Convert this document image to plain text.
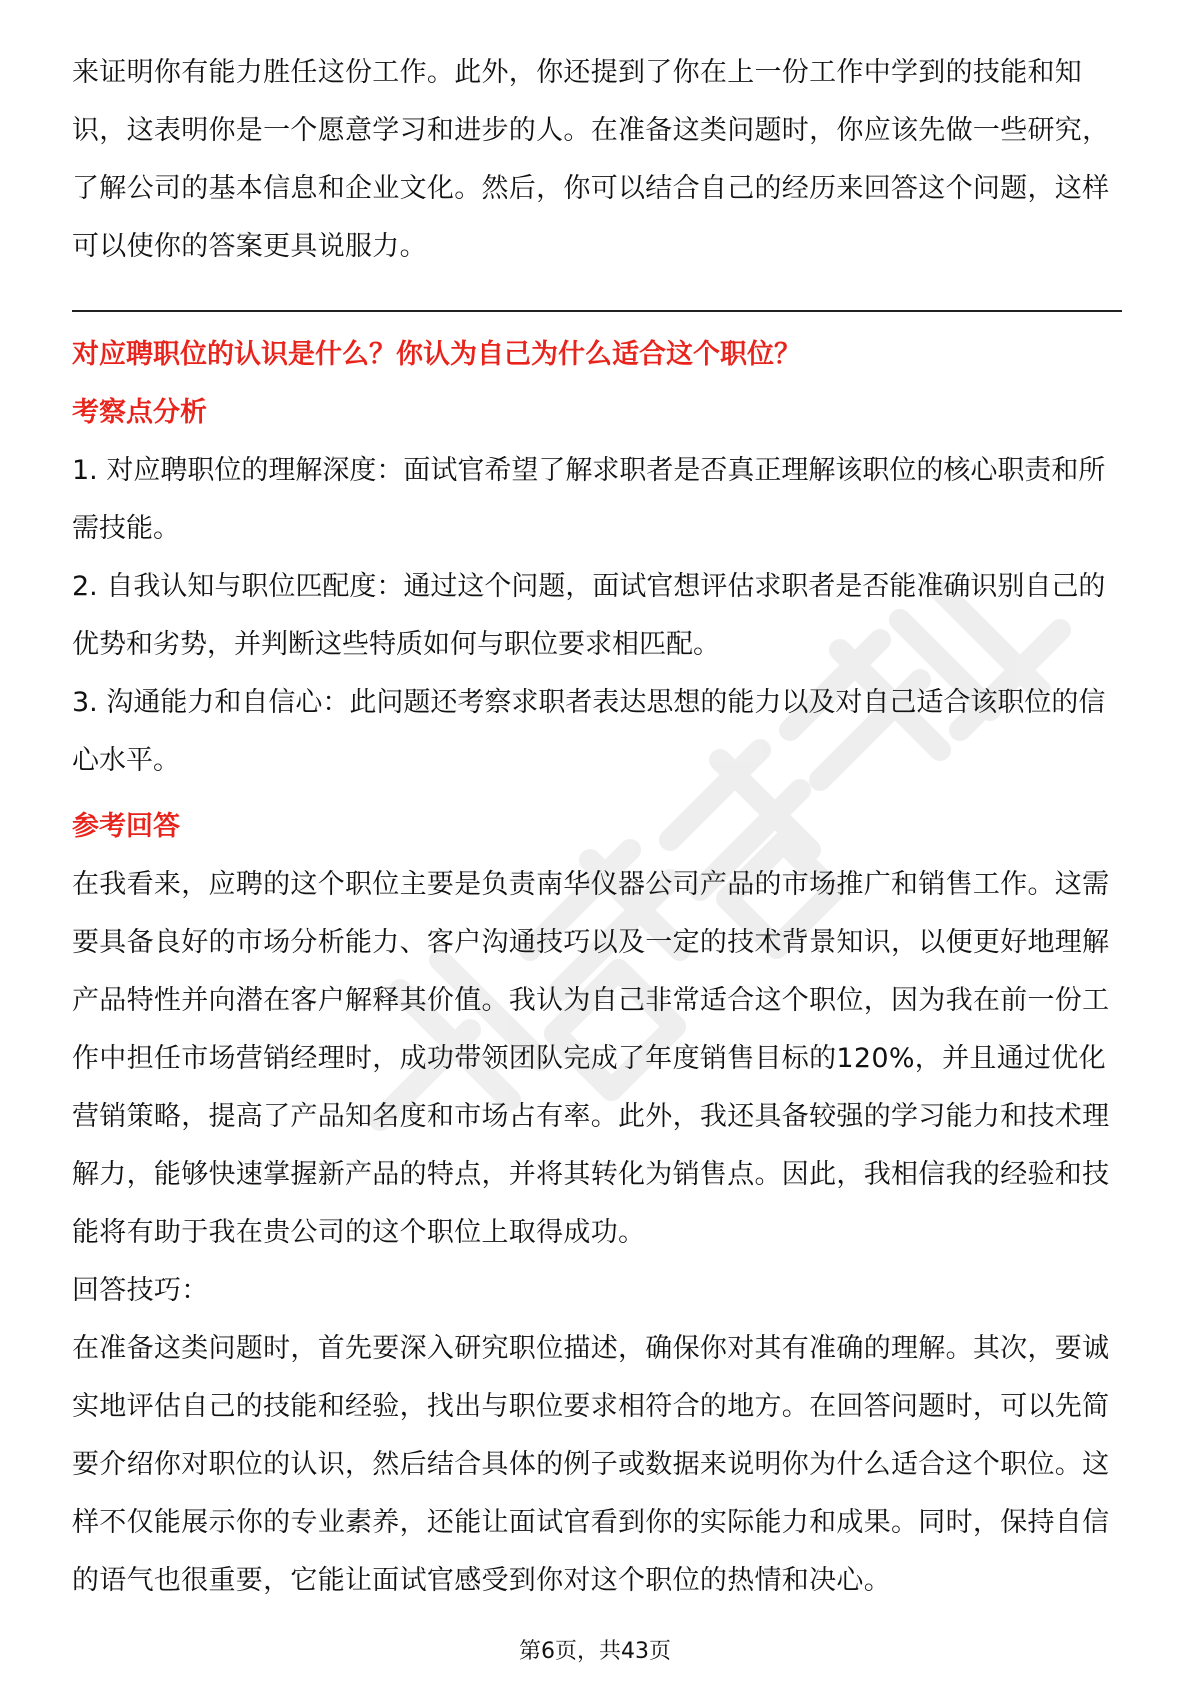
来证明你有能力胜任这份工作。此外，你还提到了你在上一份工作中学到的技能和知识，这表明你是一个愿意学习和进步的人。在准备这类问题时，你应该先做一些研究，了解公司的基本信息和企业文化。然后，你可以结合自己的经历来回答这个问题，这样可以使你的答案更具说服力。

对应聘职位的认识是什么？你认为自己为什么适合这个职位？

考察点分析

1. 对应聘职位的理解深度：面试官希望了解求职者是否真正理解该职位的核心职责和所需技能。

2. 自我认知与职位匹配度：通过这个问题，面试官想评估求职者是否能准确识别自己的优势和劣势，并判断这些特质如何与职位要求相匹配。

3. 沟通能力和自信心：此问题还考察求职者表达思想的能力以及对自己适合该职位的信心水平。

参考回答

在我看来，应聘的这个职位主要是负责南华仪器公司产品的市场推广和销售工作。这需要具备良好的市场分析能力、客户沟通技巧以及一定的技术背景知识，以便更好地理解产品特性并向潜在客户解释其价值。我认为自己非常适合这个职位，因为我在前一份工作中担任市场营销经理时，成功带领团队完成了年度销售目标的120%，并且通过优化营销策略，提高了产品知名度和市场占有率。此外，我还具备较强的学习能力和技术理解力，能够快速掌握新产品的特点，并将其转化为销售点。因此，我相信我的经验和技能将有助于我在贵公司的这个职位上取得成功。

回答技巧：

在准备这类问题时，首先要深入研究职位描述，确保你对其有准确的理解。其次，要诚实地评估自己的技能和经验，找出与职位要求相符合的地方。在回答问题时，可以先简要介绍你对职位的认识，然后结合具体的例子或数据来说明你为什么适合这个职位。这样不仅能展示你的专业素养，还能让面试官看到你的实际能力和成果。同时，保持自信的语气也很重要，它能让面试官感受到你对这个职位的热情和决心。

第6页，共43页
